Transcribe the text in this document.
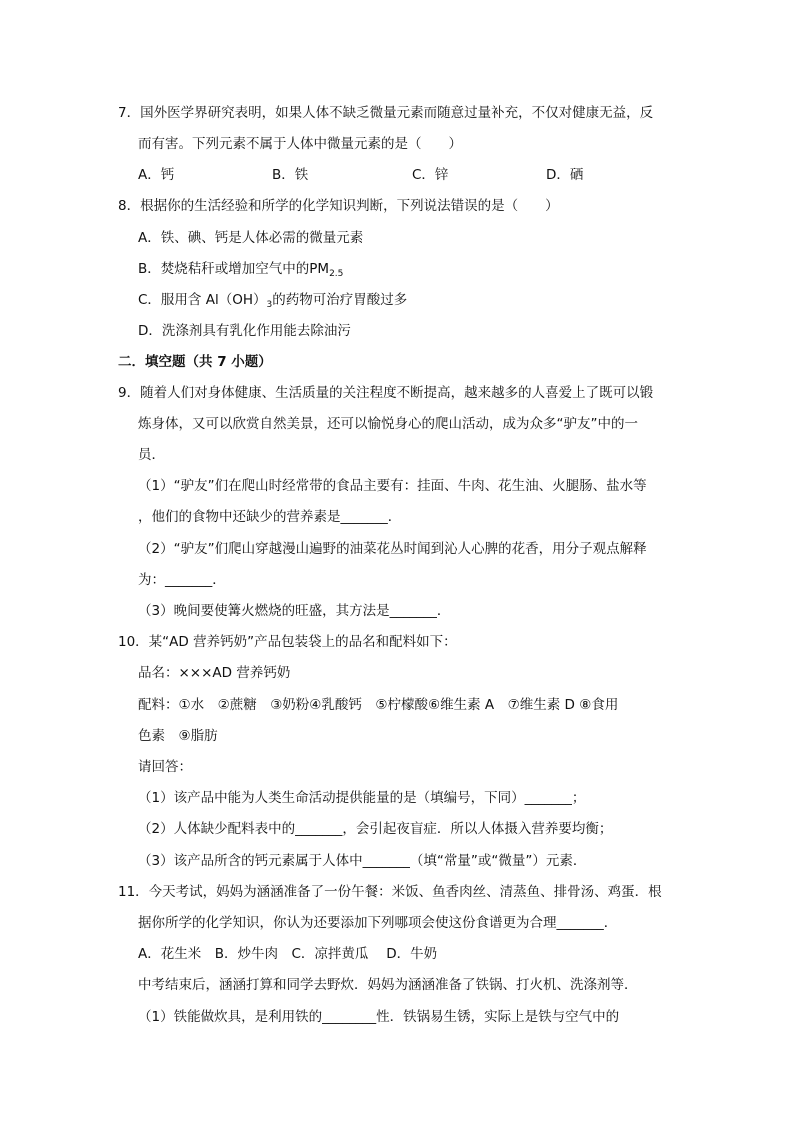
7．国外医学界研究表明，如果人体不缺乏微量元素而随意过量补充，不仅对健康无益，反
而有害。下列元素不属于人体中微量元素的是（　　）
A．钙	B．铁	C．锌	D．硒
8．根据你的生活经验和所学的化学知识判断，下列说法错误的是（　　）
A．铁、碘、钙是人体必需的微量元素
B．焚烧秸秆或增加空气中的$PM_{2.5}$
C．服用含 $Al(OH)_3$的药物可治疗胃酸过多
D．洗涤剂具有乳化作用能去除油污
二．填空题（共 7 小题）
9．随着人们对身体健康、生活质量的关注程度不断提高，越来越多的人喜爱上了既可以锻
炼身体，又可以欣赏自然美景，还可以愉悦身心的爬山活动，成为众多“驴友”中的一
员．
（1）“驴友”们在爬山时经常带的食品主要有：挂面、牛肉、花生油、火腿肠、盐水等
，他们的食物中还缺少的营养素是_______．
（2）“驴友”们爬山穿越漫山遍野的油菜花丛时闻到沁人心脾的花香，用分子观点解释
为：_______．
（3）晚间要使篝火燃烧的旺盛，其方法是_______．
10．某“AD 营养钙奶”产品包装袋上的品名和配料如下：
品名：×××AD 营养钙奶
配料：①水　②蔗糖　③奶粉④乳酸钙　⑤柠檬酸⑥维生素 A　⑦维生素 D ⑧食用
色素　⑨脂肪
请回答：
（1）该产品中能为人类生命活动提供能量的是（填编号，下同）_______；
（2）人体缺少配料表中的_______，会引起夜盲症．所以人体摄入营养要均衡；
（3）该产品所含的钙元素属于人体中_______（填“常量”或“微量”）元素．
11．今天考试，妈妈为涵涵准备了一份午餐：米饭、鱼香肉丝、清蒸鱼、排骨汤、鸡蛋．根
据你所学的化学知识，你认为还要添加下列哪项会使这份食谱更为合理_______．
A．花生米　B．炒牛肉　C．凉拌黄瓜　 D．牛奶
中考结束后，涵涵打算和同学去野炊．妈妈为涵涵准备了铁锅、打火机、洗涤剂等．
（1）铁能做炊具，是利用铁的________性．铁锅易生锈，实际上是铁与空气中的
